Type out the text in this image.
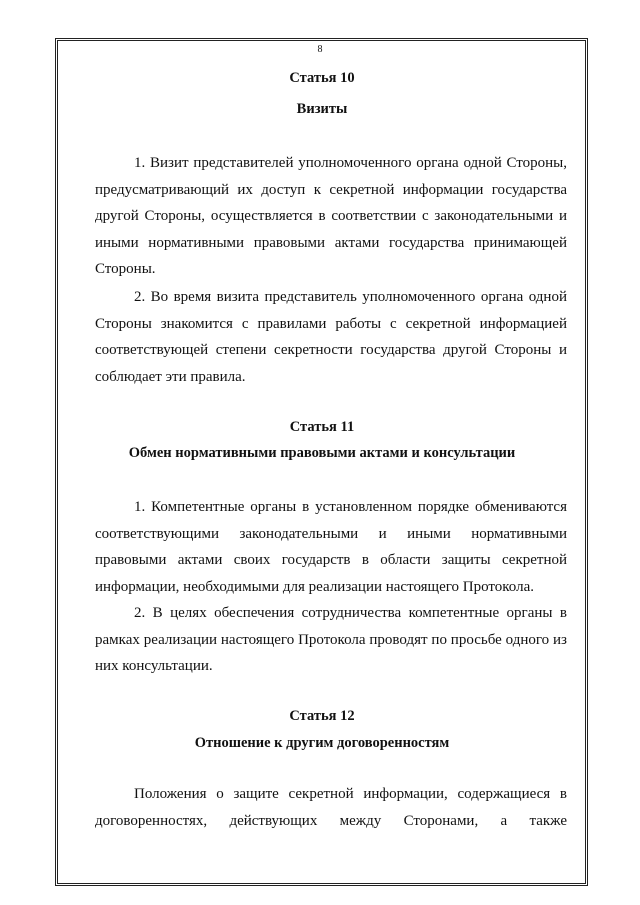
8
Статья 10
Визиты
1. Визит представителей уполномоченного органа одной Стороны, предусматривающий их доступ к секретной информации государства другой Стороны, осуществляется в соответствии с законодательными и иными нормативными правовыми актами государства принимающей Стороны.
2. Во время визита представитель уполномоченного органа одной Стороны знакомится с правилами работы с секретной информацией соответствующей степени секретности государства другой Стороны и соблюдает эти правила.
Статья 11
Обмен нормативными правовыми актами и консультации
1. Компетентные органы в установленном порядке обмениваются соответствующими законодательными и иными нормативными правовыми актами своих государств в области защиты секретной информации, необходимыми для реализации настоящего Протокола.
2. В целях обеспечения сотрудничества компетентные органы в рамках реализации настоящего Протокола проводят по просьбе одного из них консультации.
Статья 12
Отношение к другим договоренностям
Положения о защите секретной информации, содержащиеся в договоренностях, действующих между Сторонами, а также
